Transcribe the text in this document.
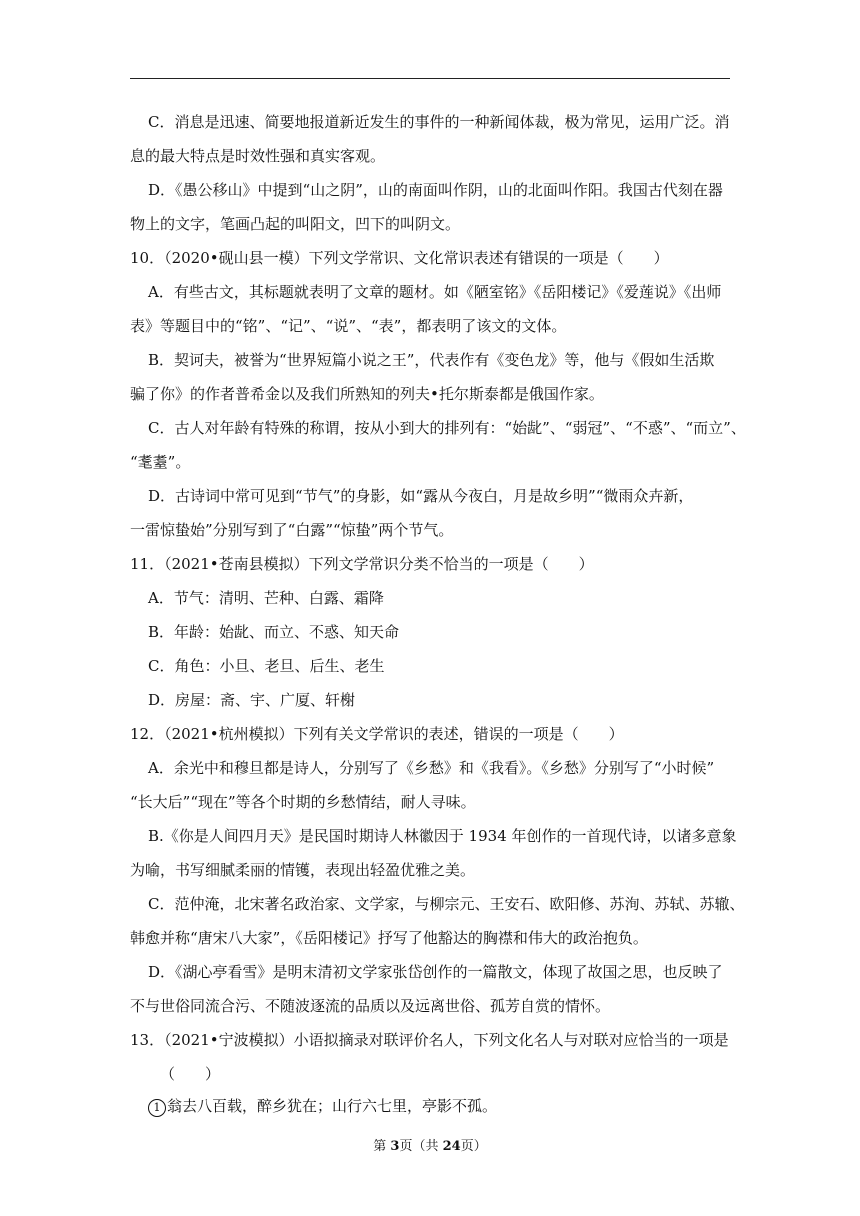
C．消息是迅速、简要地报道新近发生的事件的一种新闻体裁，极为常见，运用广泛。消
息的最大特点是时效性强和真实客观。
D．《愚公移山》中提到“山之阴”，山的南面叫作阴，山的北面叫作阳。我国古代刻在器
物上的文字，笔画凸起的叫阳文，凹下的叫阴文。
10．（2020•砚山县一模）下列文学常识、文化常识表述有错误的一项是（　　）
A．有些古文，其标题就表明了文章的题材。如《陋室铭》《岳阳楼记》《爱莲说》《出师
表》等题目中的“铭”、“记”、“说”、“表”，都表明了该文的文体。
B．契诃夫，被誉为“世界短篇小说之王”，代表作有《变色龙》等，他与《假如生活欺
骗了你》的作者普希金以及我们所熟知的列夫•托尔斯泰都是俄国作家。
C．古人对年龄有特殊的称谓，按从小到大的排列有：“始龀”、“弱冠”、“不惑”、“而立”、
“耄耋”。
D．古诗词中常可见到“节气”的身影，如“露从今夜白，月是故乡明”“微雨众卉新，
一雷惊蛰始”分别写到了“白露”“惊蛰”两个节气。
11．（2021•苍南县模拟）下列文学常识分类不恰当的一项是（　　）
A．节气：清明、芒种、白露、霜降
B．年龄：始龀、而立、不惑、知天命
C．角色：小旦、老旦、后生、老生
D．房屋：斋、宇、广厦、轩榭
12．（2021•杭州模拟）下列有关文学常识的表述，错误的一项是（　　）
A．余光中和穆旦都是诗人，分别写了《乡愁》和《我看》。《乡愁》分别写了“小时候”
“长大后”“现在”等各个时期的乡愁情结，耐人寻味。
B.《你是人间四月天》是民国时期诗人林徽因于 1934 年创作的一首现代诗，以诸多意象
为喻，书写细腻柔丽的情镬，表现出轻盈优雅之美。
C．范仲淹，北宋著名政治家、文学家，与柳宗元、王安石、欧阳修、苏洵、苏轼、苏辙、
韩愈并称“唐宋八大家”，《岳阳楼记》抒写了他豁达的胸襟和伟大的政治抱负。
D．《湖心亭看雪》是明末清初文学家张岱创作的一篇散文，体现了故国之思，也反映了
不与世俗同流合污、不随波逐流的品质以及远离世俗、孤芳自赏的情怀。
13．（2021•宁波模拟）小语拟摘录对联评价名人，下列文化名人与对联对应恰当的一项是
（　　）
1 翁去八百载，醉乡犹在；山行六七里，亭影不孤。
第 3页（共 24页）
